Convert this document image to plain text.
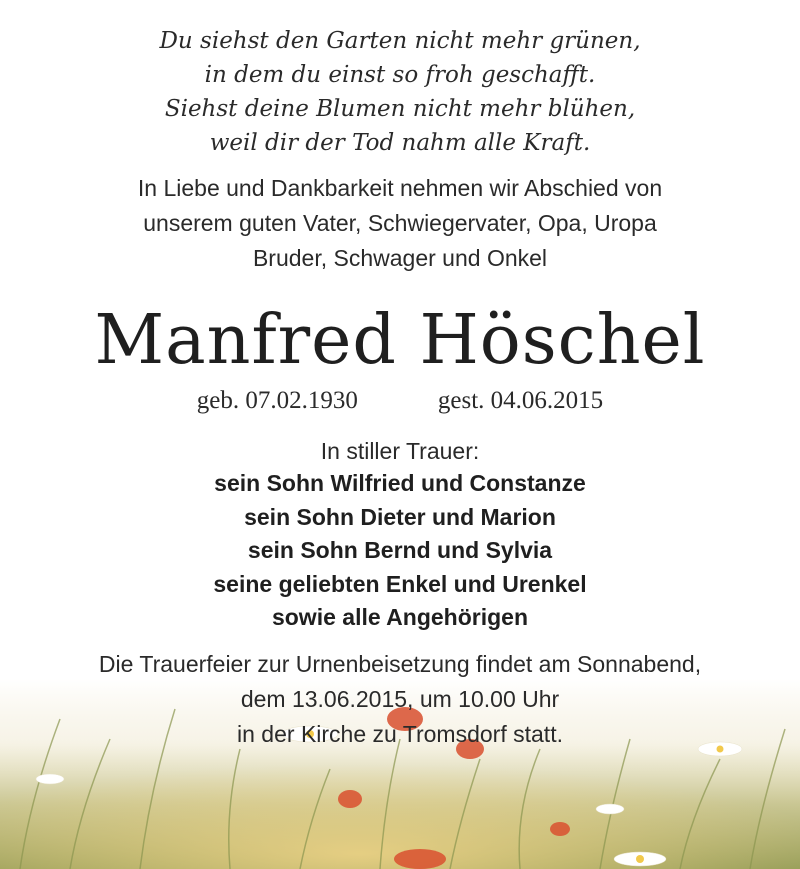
Du siehst den Garten nicht mehr grünen,
in dem du einst so froh geschafft.
Siehst deine Blumen nicht mehr blühen,
weil dir der Tod nahm alle Kraft.
In Liebe und Dankbarkeit nehmen wir Abschied von
unserem guten Vater, Schwiegervater, Opa, Uropa
Bruder, Schwager und Onkel
Manfred Höschel
geb. 07.02.1930	gest. 04.06.2015
In stiller Trauer:
sein Sohn Wilfried und Constanze
sein Sohn Dieter und Marion
sein Sohn Bernd und Sylvia
seine geliebten Enkel und Urenkel
sowie alle Angehörigen
Die Trauerfeier zur Urnenbeisetzung findet am Sonnabend,
dem 13.06.2015, um 10.00 Uhr
in der Kirche zu Tromsdorf statt.
